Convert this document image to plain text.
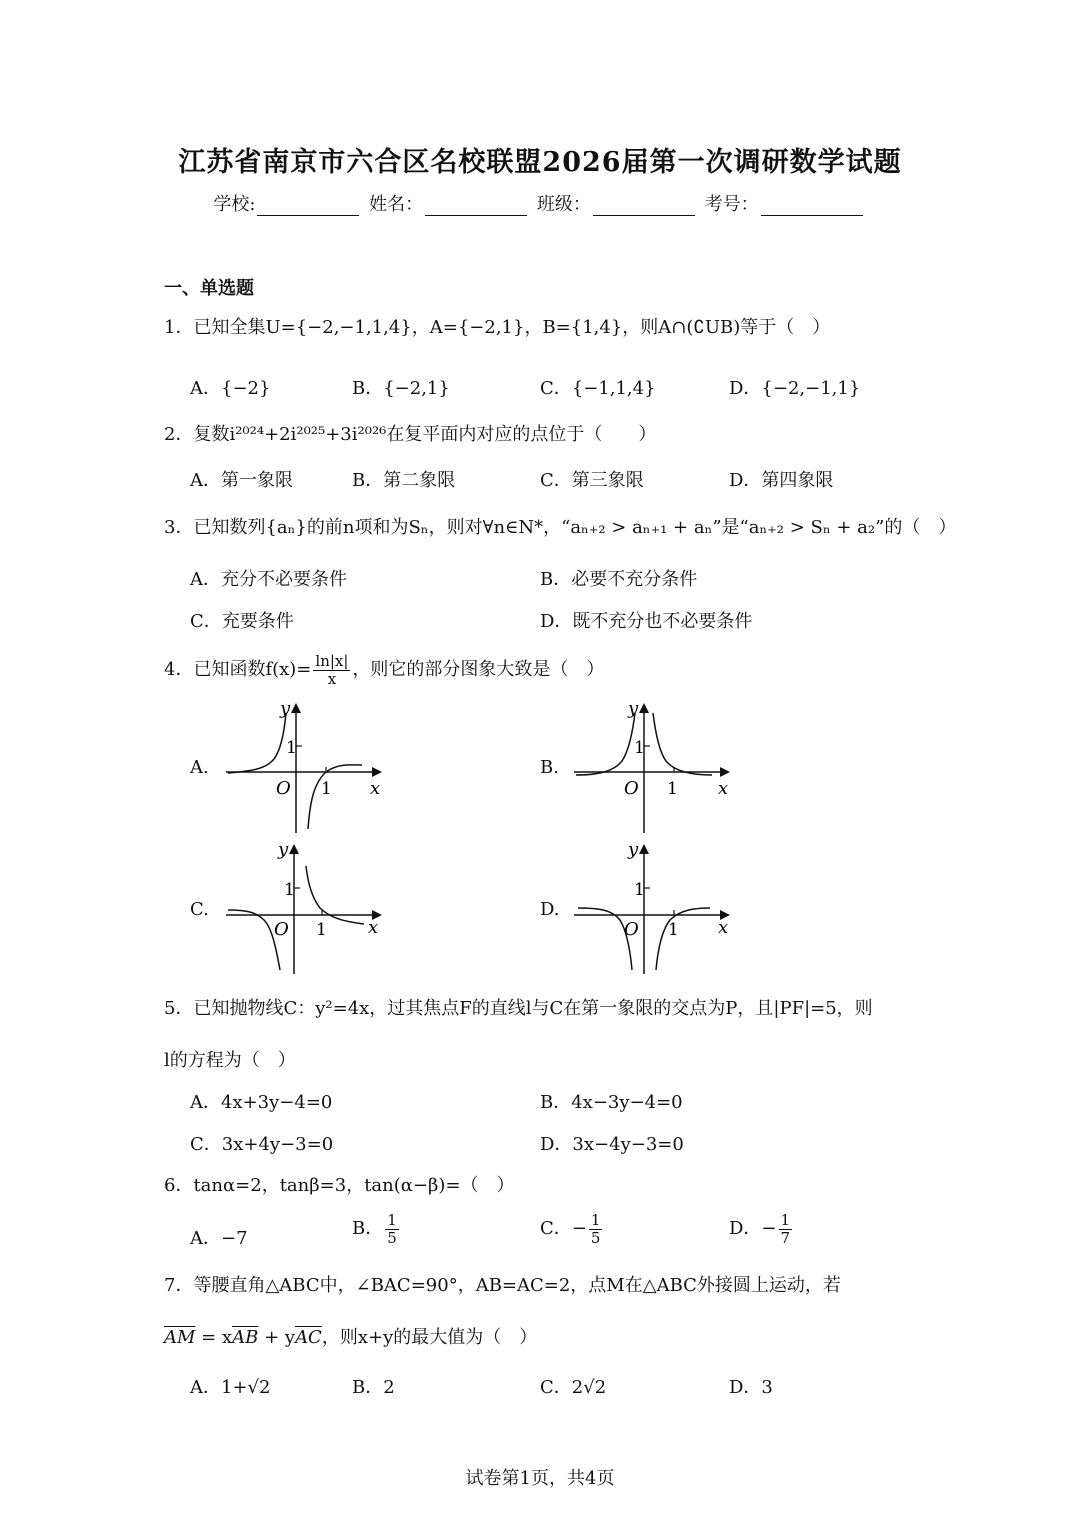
江苏省南京市六合区名校联盟2026届第一次调研数学试题
学校:	姓名：	班级：	考号：
一、单选题
1．已知全集U={−2,−1,1,4}，A={−2,1}，B={1,4}，则A∩(∁UB)等于（　）
A．{−2}	B．{−2,1}	C．{−1,1,4}	D．{−2,−1,1}
2．复数i²⁰²⁴+2i²⁰²⁵+3i²⁰²⁶在复平面内对应的点位于（　　）
A．第一象限	B．第二象限	C．第三象限	D．第四象限
3．已知数列{aₙ}的前n项和为Sₙ，则对∀n∈N*，“aₙ₊₂ > aₙ₊₁ + aₙ”是“aₙ₊₂ > Sₙ + a₂”的（　）
A．充分不必要条件	B．必要不充分条件
C．充要条件	D．既不充分也不必要条件
4．已知函数$f(x)= \frac{\ln|x|}{x}$ ，则它的部分图象大致是（　）
A.	B.
C.	D.
1
O 1 x
y
1
O 1 x
y
1
O 1 x
y
1
O 1 x
y
5．已知抛物线C：y²=4x，过其焦点F的直线l与C在第一象限的交点为P，且|PF|=5，则
l的方程为（　）
A．4x+3y−4=0	B．4x−3y−4=0
C．3x+4y−3=0	D．3x−4y−3=0
6．tanα=2，tanβ=3，tan(α−β)=（　）
A．−7	B． $\frac{1}{5}$	C．− $\frac{1}{5}$	D．− $\frac{1}{7}$
7．等腰直角△ABC中，∠BAC=90°，AB=AC=2，点M在△ABC外接圆上运动，若
$\overline{AM} = x\overline{AB} + y\overline{AC}$，则x+y的最大值为（　）
A．1+√2	B．2	C．2√2	D．3
试卷第1页，共4页
